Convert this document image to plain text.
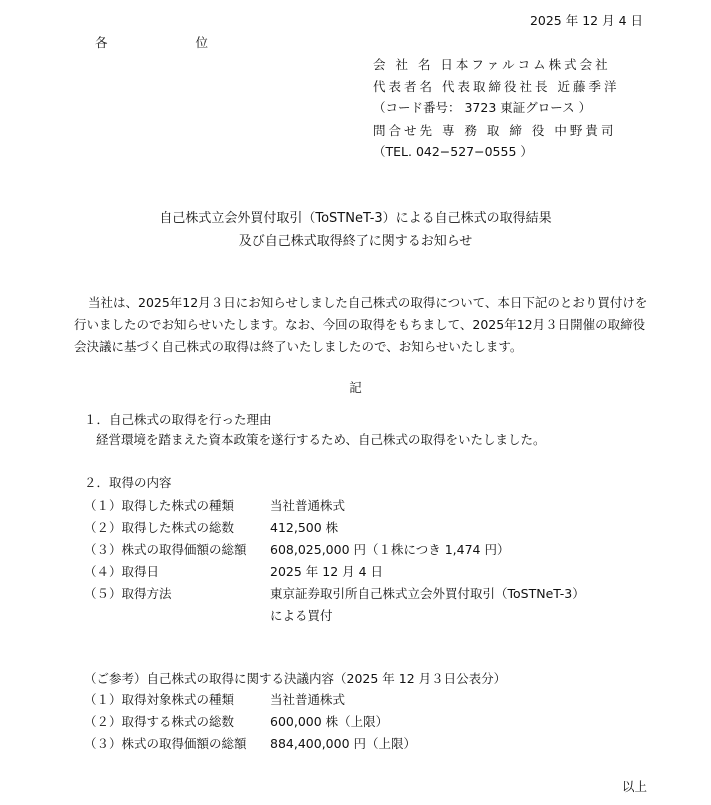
2025 年 12 月 4 日
各	位
会 社 名 日本ファルコム株式会社
代表者名 代表取締役社長 近藤季洋
（コード番号： 3723 東証グロース ）
問合せ先 専 務 取 締 役 中野貴司
（TEL. 042−527−0555 ）
自己株式立会外買付取引（ToSTNeT-3）による自己株式の取得結果
及び自己株式取得終了に関するお知らせ
当社は、2025年12月３日にお知らせしました自己株式の取得について、本日下記のとおり買付けを
行いましたのでお知らせいたします。なお、今回の取得をもちまして、2025年12月３日開催の取締役
会決議に基づく自己株式の取得は終了いたしましたので、お知らせいたします。
記
１．自己株式の取得を行った理由
経営環境を踏まえた資本政策を遂行するため、自己株式の取得をいたしました。
２．取得の内容
（１）取得した株式の種類	当社普通株式
（２）取得した株式の総数	412,500 株
（３）株式の取得価額の総額 608,025,000 円（１株につき 1,474 円）
（４）取得日	2025 年 12 月 4 日
（５）取得方法	東京証券取引所自己株式立会外買付取引（ToSTNeT-3）
による買付
（ご参考）自己株式の取得に関する決議内容（2025 年 12 月３日公表分）
（１）取得対象株式の種類	当社普通株式
（２）取得する株式の総数	600,000 株（上限）
（３）株式の取得価額の総額 884,400,000 円（上限）
以上
